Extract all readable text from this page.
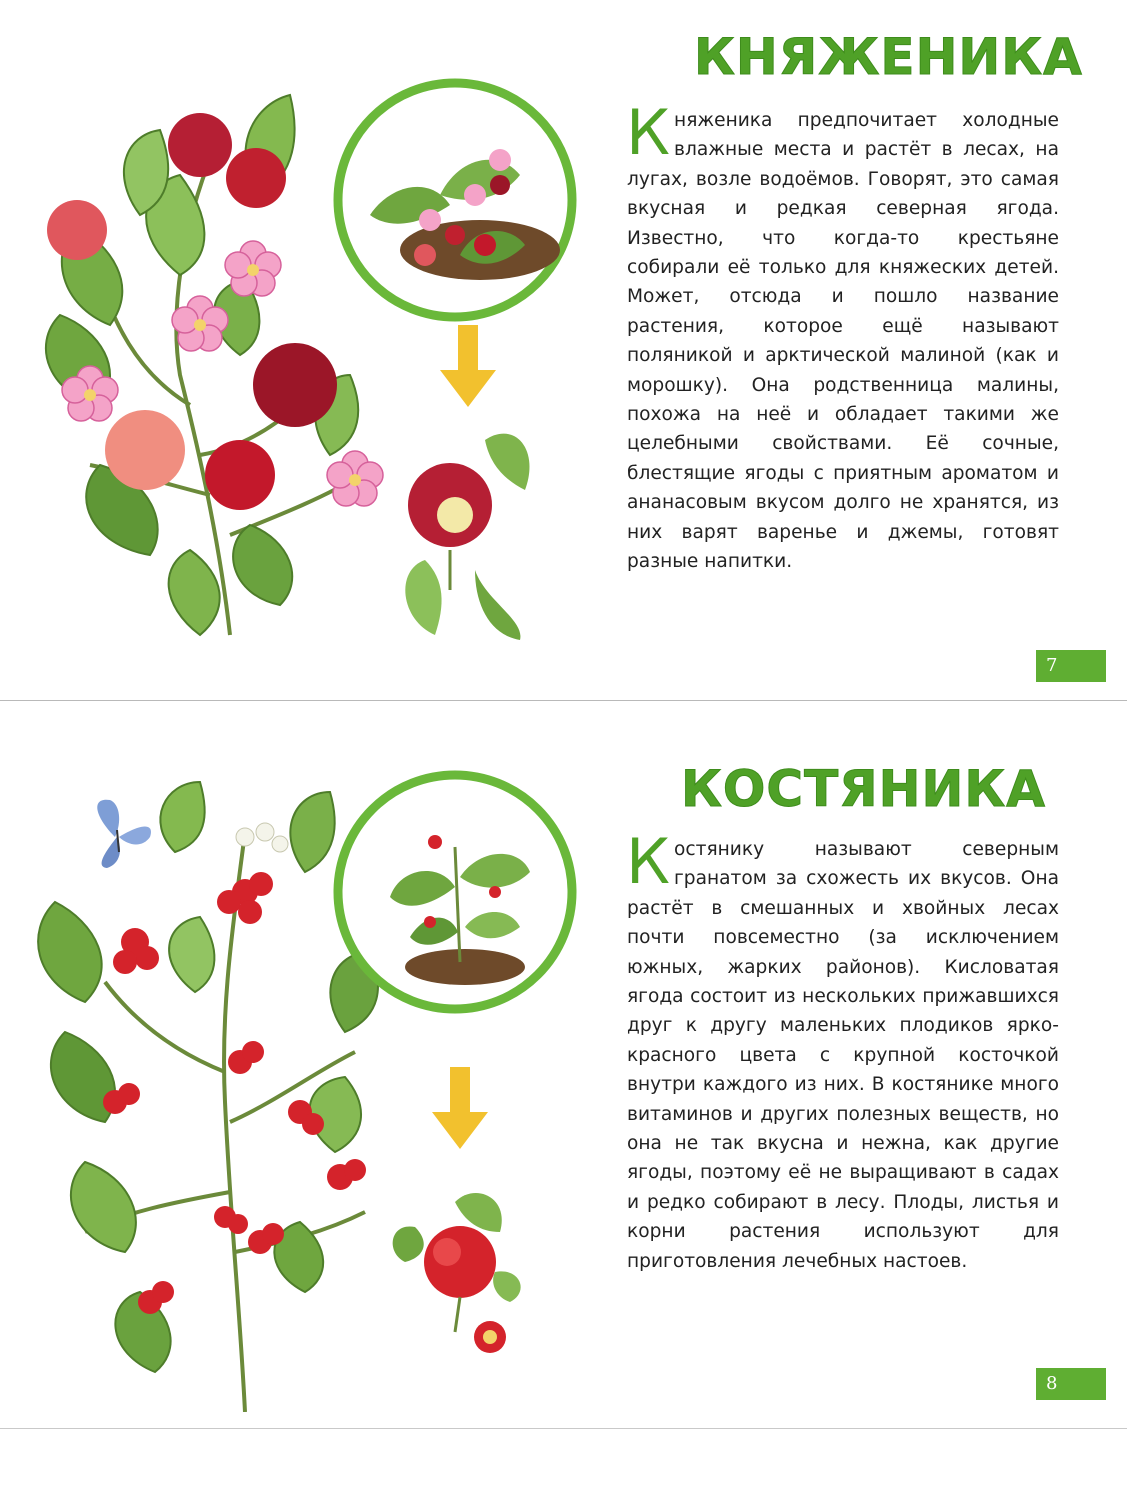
КНЯЖЕНИКА

Княженика предпочитает холодные влажные места и растёт в лесах, на лугах, возле водоёмов. Говорят, это самая вкусная и редкая северная ягода. Известно, что когда-то крестьяне собирали её только для княжеских детей. Может, отсюда и пошло название растения, которое ещё называют поляникой и арктической малиной (как и морошку). Она родственница малины, похожа на неё и обладает такими же целебными свойствами. Её сочные, блестящие ягоды с приятным ароматом и ананасовым вкусом долго не хранятся, из них варят варенье и джемы, готовят разные напитки.

7
КОСТЯНИКА

Костянику называют северным гранатом за схожесть их вкусов. Она растёт в смешанных и хвойных лесах почти повсеместно (за исключением южных, жарких районов). Кисловатая ягода состоит из нескольких прижавшихся друг к другу маленьких плодиков ярко-красного цвета с крупной косточкой внутри каждого из них. В костянике много витаминов и других полезных веществ, но она не так вкусна и нежна, как другие ягоды, поэтому её не выращивают в садах и редко собирают в лесу. Плоды, листья и корни растения используют для приготовления лечебных настоев.

8
